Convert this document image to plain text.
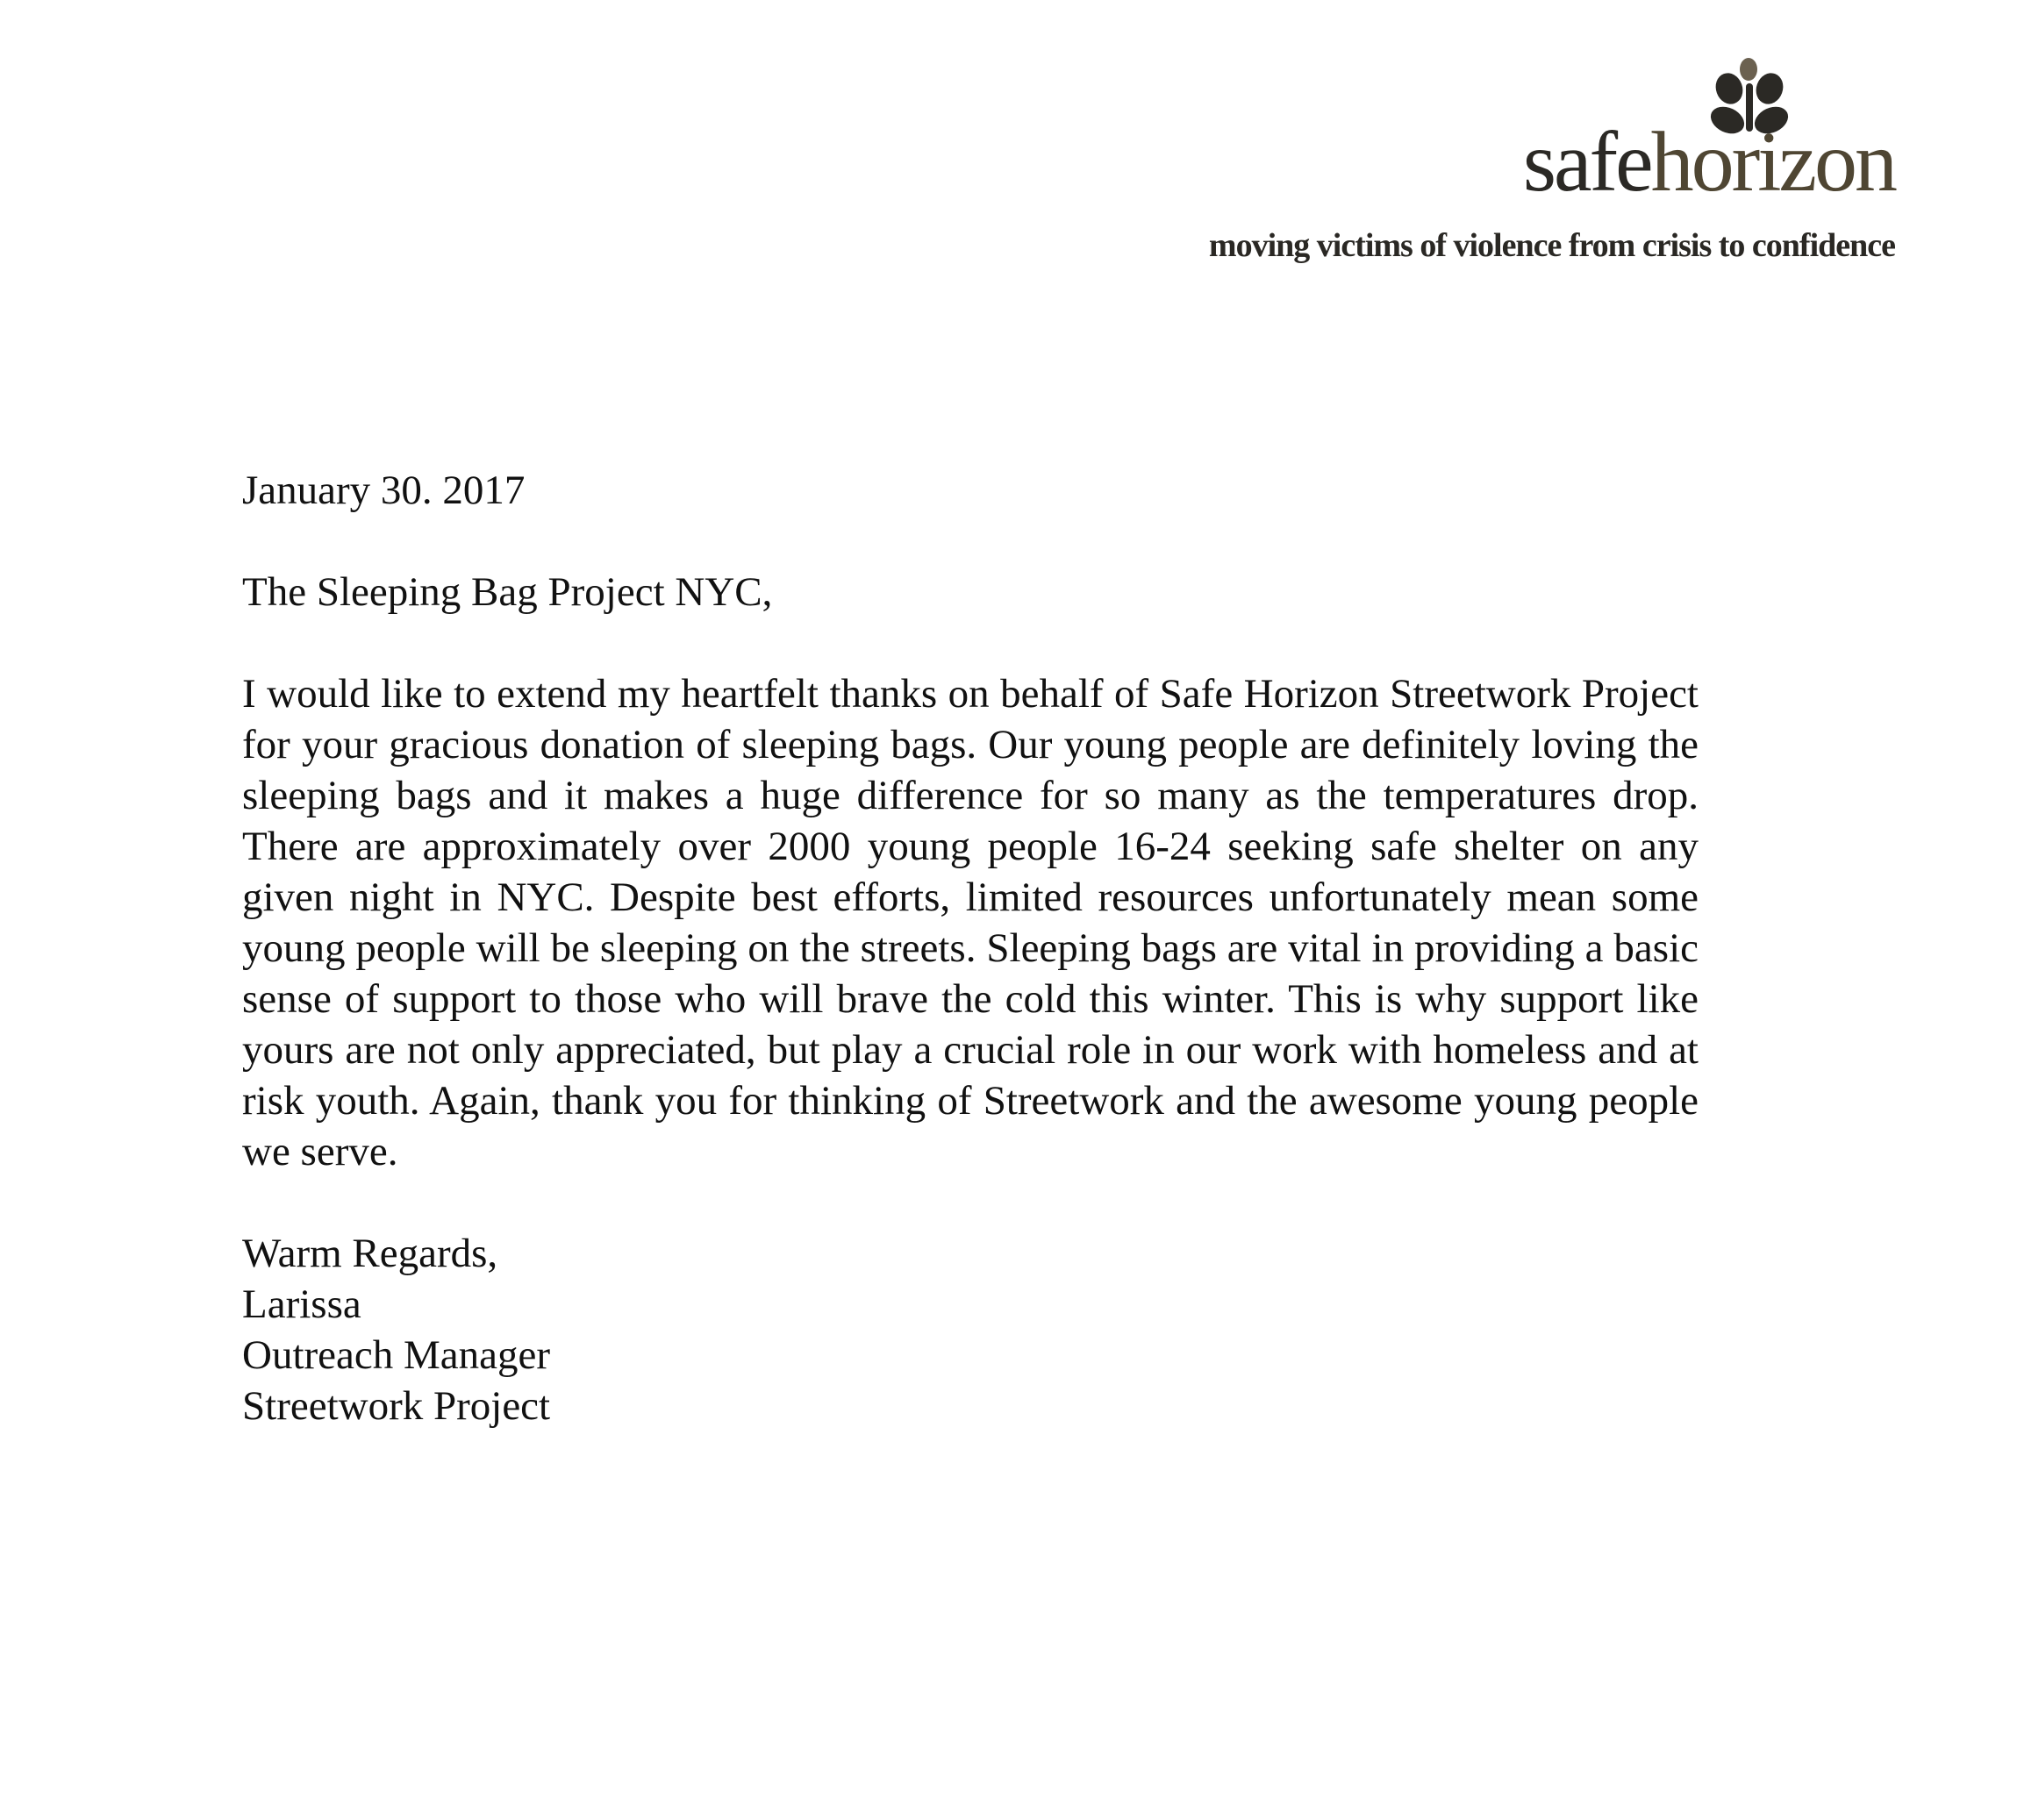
safehorizon
moving victims of violence from crisis to confidence

January 30. 2017

The Sleeping Bag Project NYC,

I would like to extend my heartfelt thanks on behalf of Safe Horizon Streetwork Project for your gracious donation of sleeping bags. Our young people are definitely loving the sleeping bags and it makes a huge difference for so many as the temperatures drop. There are approximately over 2000 young people 16-24 seeking safe shelter on any given night in NYC. Despite best efforts, limited resources unfortunately mean some young people will be sleeping on the streets. Sleeping bags are vital in providing a basic sense of support to those who will brave the cold this winter. This is why support like yours are not only appreciated, but play a crucial role in our work with homeless and at risk youth. Again, thank you for thinking of Streetwork and the awesome young people we serve.

Warm Regards,

Larissa

Outreach Manager

Streetwork Project
